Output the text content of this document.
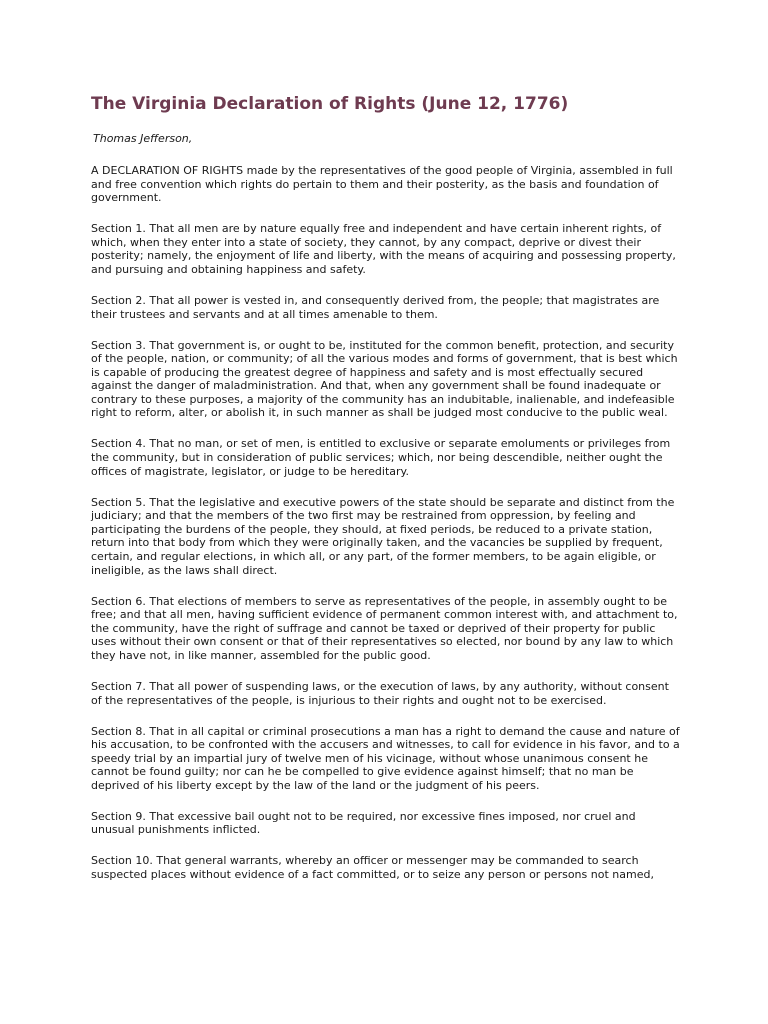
The Virginia Declaration of Rights (June 12, 1776)
Thomas Jefferson,

A DECLARATION OF RIGHTS made by the representatives of the good people of Virginia, assembled in full and free convention which rights do pertain to them and their posterity, as the basis and foundation of government.

Section 1. That all men are by nature equally free and independent and have certain inherent rights, of which, when they enter into a state of society, they cannot, by any compact, deprive or divest their posterity; namely, the enjoyment of life and liberty, with the means of acquiring and possessing property, and pursuing and obtaining happiness and safety.

Section 2. That all power is vested in, and consequently derived from, the people; that magistrates are their trustees and servants and at all times amenable to them.

Section 3. That government is, or ought to be, instituted for the common benefit, protection, and security of the people, nation, or community; of all the various modes and forms of government, that is best which is capable of producing the greatest degree of happiness and safety and is most effectually secured against the danger of maladministration. And that, when any government shall be found inadequate or contrary to these purposes, a majority of the community has an indubitable, inalienable, and indefeasible right to reform, alter, or abolish it, in such manner as shall be judged most conducive to the public weal.

Section 4. That no man, or set of men, is entitled to exclusive or separate emoluments or privileges from the community, but in consideration of public services; which, nor being descendible, neither ought the offices of magistrate, legislator, or judge to be hereditary.

Section 5. That the legislative and executive powers of the state should be separate and distinct from the judiciary; and that the members of the two first may be restrained from oppression, by feeling and participating the burdens of the people, they should, at fixed periods, be reduced to a private station, return into that body from which they were originally taken, and the vacancies be supplied by frequent, certain, and regular elections, in which all, or any part, of the former members, to be again eligible, or ineligible, as the laws shall direct.

Section 6. That elections of members to serve as representatives of the people, in assembly ought to be free; and that all men, having sufficient evidence of permanent common interest with, and attachment to, the community, have the right of suffrage and cannot be taxed or deprived of their property for public uses without their own consent or that of their representatives so elected, nor bound by any law to which they have not, in like manner, assembled for the public good.

Section 7. That all power of suspending laws, or the execution of laws, by any authority, without consent of the representatives of the people, is injurious to their rights and ought not to be exercised.

Section 8. That in all capital or criminal prosecutions a man has a right to demand the cause and nature of his accusation, to be confronted with the accusers and witnesses, to call for evidence in his favor, and to a speedy trial by an impartial jury of twelve men of his vicinage, without whose unanimous consent he cannot be found guilty; nor can he be compelled to give evidence against himself; that no man be deprived of his liberty except by the law of the land or the judgment of his peers.

Section 9. That excessive bail ought not to be required, nor excessive fines imposed, nor cruel and unusual punishments inflicted.

Section 10. That general warrants, whereby an officer or messenger may be commanded to search suspected places without evidence of a fact committed, or to seize any person or persons not named,
